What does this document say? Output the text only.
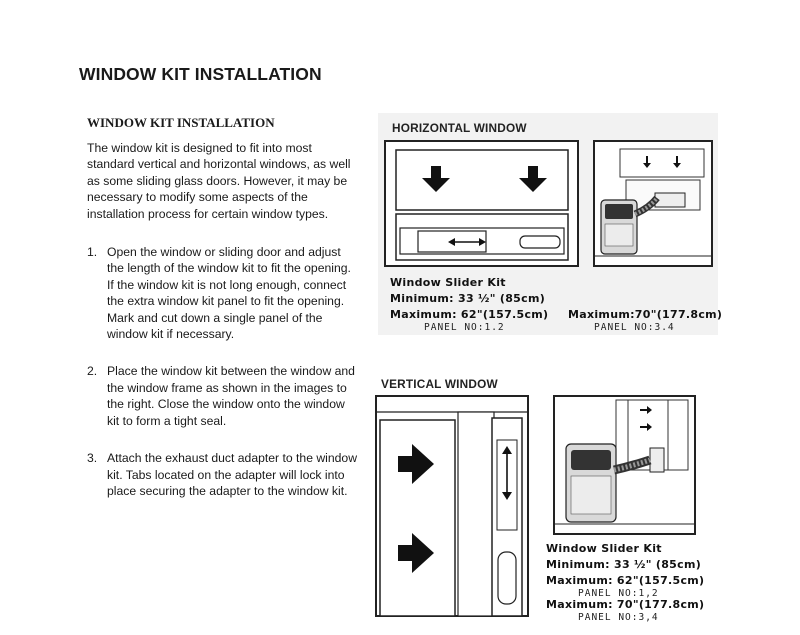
WINDOW KIT INSTALLATION
WINDOW KIT INSTALLATION

The window kit is designed to fit into most standard vertical and horizontal windows, as well as some sliding glass doors. However, it may be necessary to modify some aspects of the installation process for certain window types.

1. Open the window or sliding door and adjust the length of the window kit to fit the opening. If the window kit is not long enough, connect the extra window kit panel to fit the opening. Mark and cut down a single panel of the window kit if necessary.
2. Place the window kit between the window and the window frame as shown in the images to the right. Close the window onto the window kit to form a tight seal.
3. Attach the exhaust duct adapter to the window kit. Tabs located on the adapter will lock into place securing the adapter to the window kit.
HORIZONTAL WINDOW
Window Slider Kit
Minimum: 33 ½" (85cm)
Maximum: 62"(157.5cm)
PANEL NO:1.2
Maximum:70"(177.8cm)
PANEL NO:3.4
VERTICAL WINDOW
Window Slider Kit
Minimum: 33 ½" (85cm)
Maximum: 62"(157.5cm)
PANEL NO:1,2
Maximum: 70"(177.8cm)
PANEL NO:3,4
